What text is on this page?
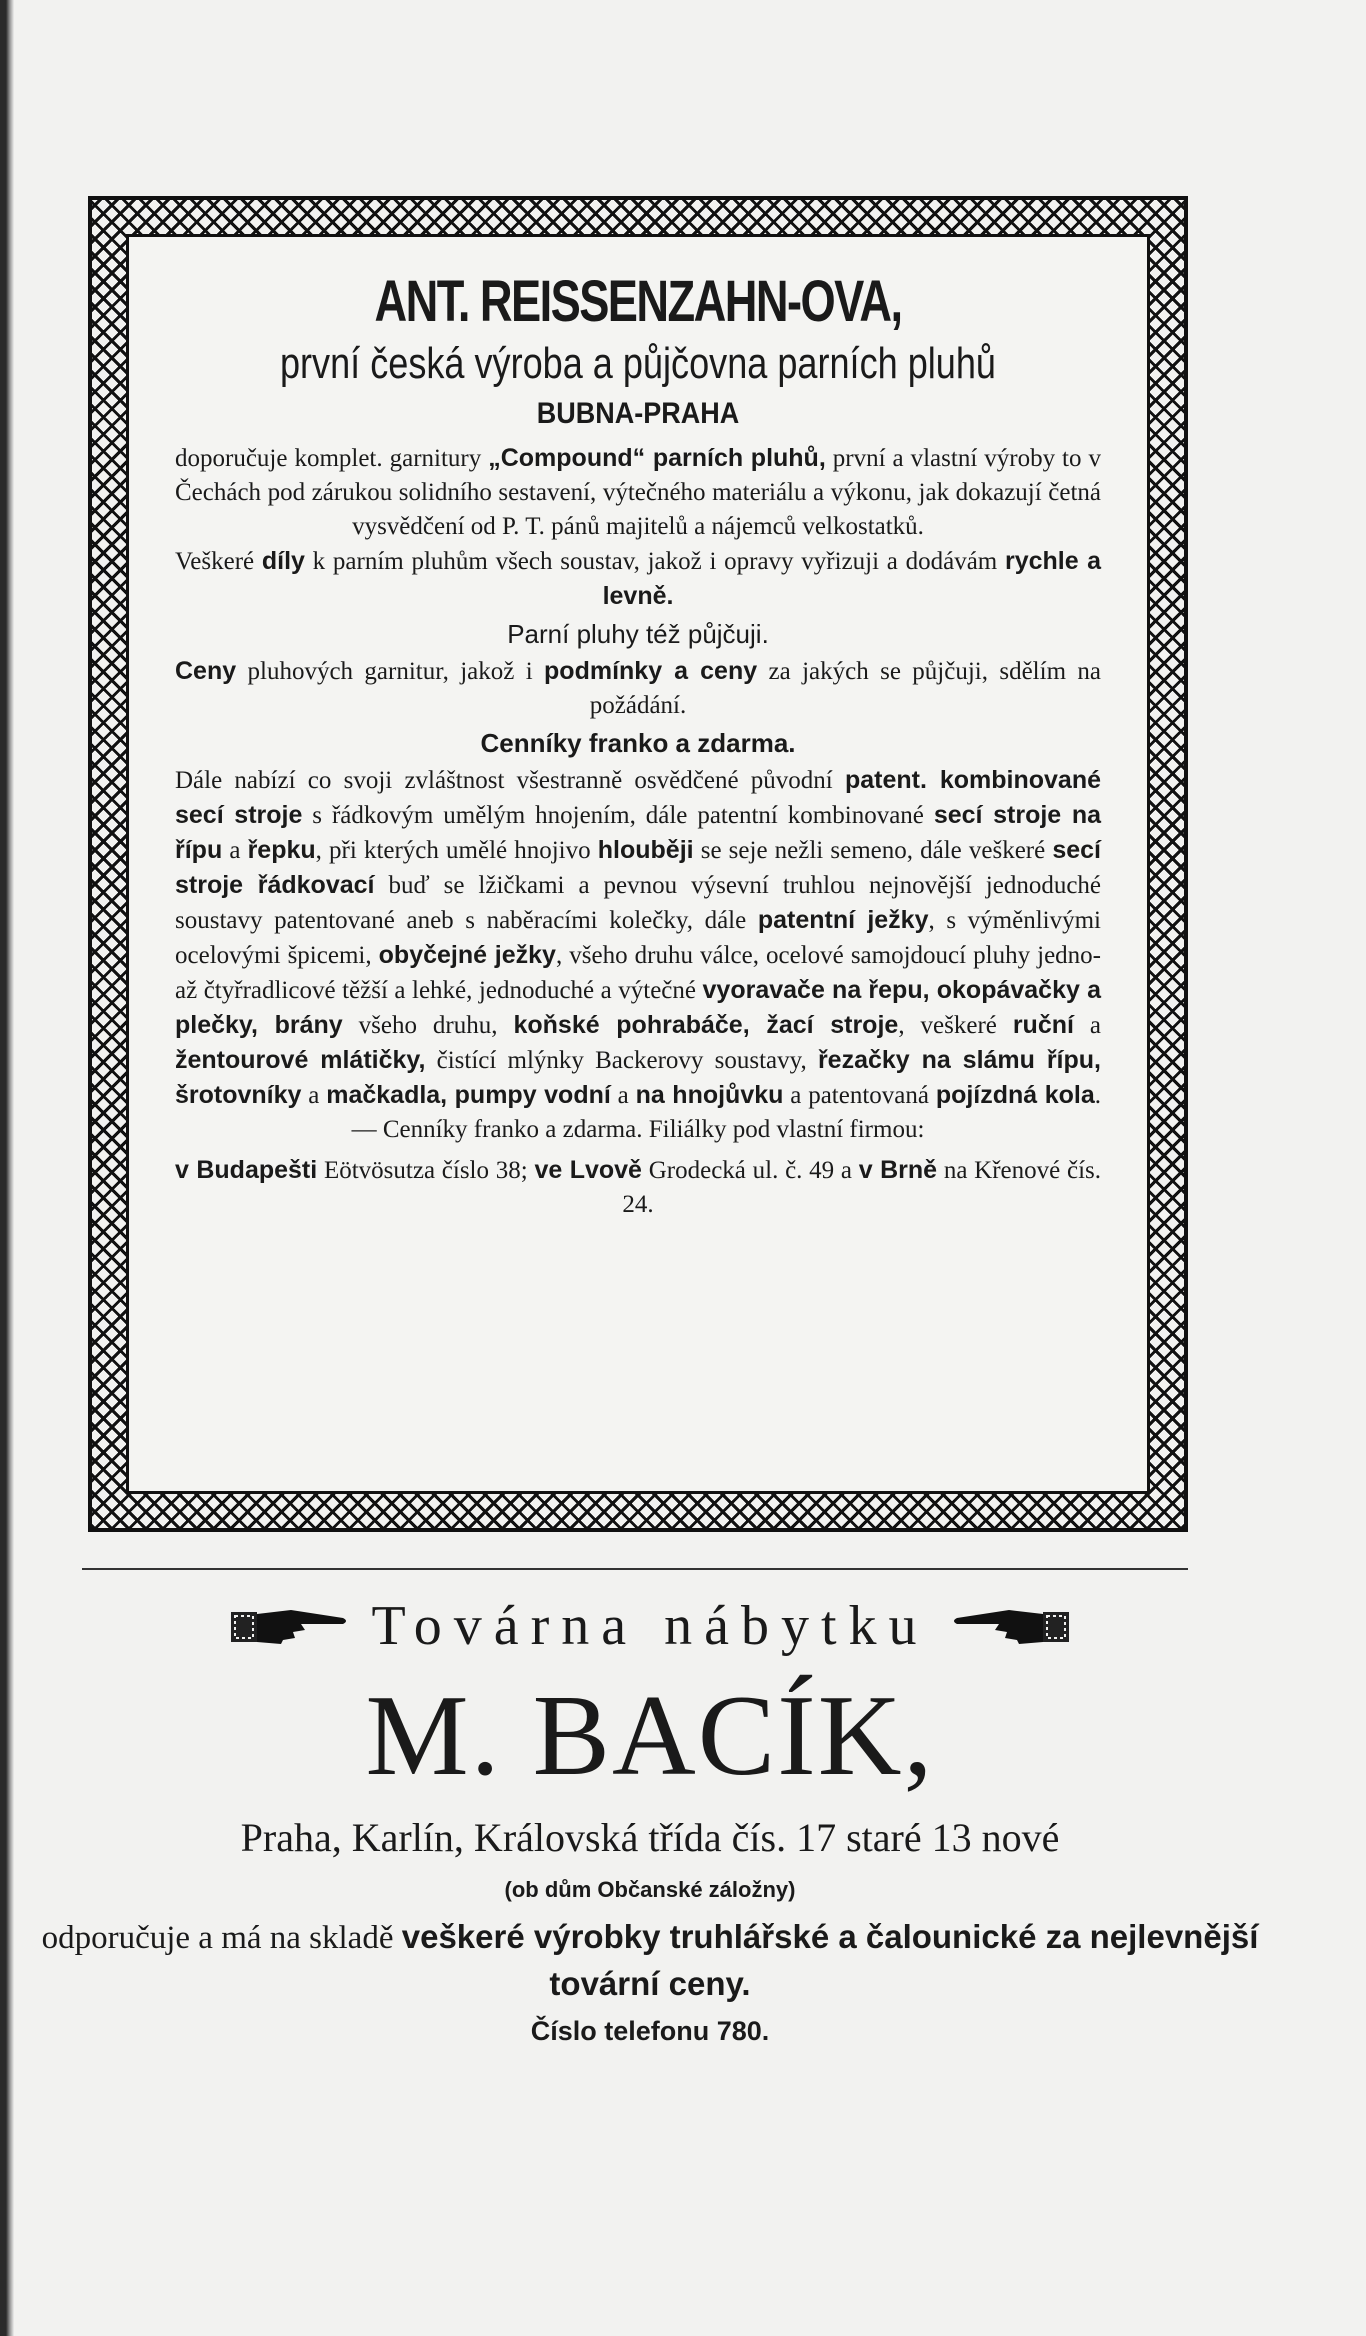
ANT. REISSENZAHN-OVA,
první česká výroba a půjčovna parních pluhů
BUBNA-PRAHA

doporučuje komplet. garnitury „Compound“ parních pluhů, první a vlastní výroby to v Čechách pod zárukou solidního sestavení, výtečného materiálu a výkonu, jak dokazují četná vysvědčení od P. T. pánů majitelů a nájemců velkostatků.

Veškeré díly k parním pluhům všech soustav, jakož i opravy vyřizuji a dodávám rychle a levně.

Parní pluhy též půjčuji.

Ceny pluhových garnitur, jakož i podmínky a ceny za jakých se půjčuji, sdělím na požádání.

Cenníky franko a zdarma.

Dále nabízí co svoji zvláštnost všestranně osvědčené původní patent. kombinované secí stroje s řádkovým umělým hnojením, dále patentní kombinované secí stroje na řípu a řepku, při kterých umělé hnojivo hlouběji se seje nežli semeno, dále veškeré secí stroje řádkovací buď se lžičkami a pevnou výsevní truhlou nejnovější jednoduché soustavy patentované aneb s naběracími kolečky, dále patentní ježky, s výměnlivými ocelovými špicemi, obyčejné ježky, všeho druhu válce, ocelové samojdoucí pluhy jedno- až čtyřradlicové těžší a lehké, jednoduché a výtečné vyoravače na řepu, okopávačky a plečky, brány všeho druhu, koňské pohrabáče, žací stroje, veškeré ruční a žentourové mlátičky, čistící mlýnky Backerovy soustavy, řezačky na slámu řípu, šrotovníky a mačkadla, pumpy vodní a na hnojůvku a patentovaná pojízdná kola. — Cenníky franko a zdarma. Filiálky pod vlastní firmou:

v Budapešti Eötvösutza číslo 38; ve Lvově Grodecká ul. č. 49 a v Brně na Křenové čís. 24.

Továrna nábytku
M. BACÍK,
Praha, Karlín, Královská třída čís. 17 staré 13 nové
(ob dům Občanské záložny)

odporučuje a má na skladě veškeré výrobky truhlářské a čalounické za nejlevnější tovární ceny.

Číslo telefonu 780.
